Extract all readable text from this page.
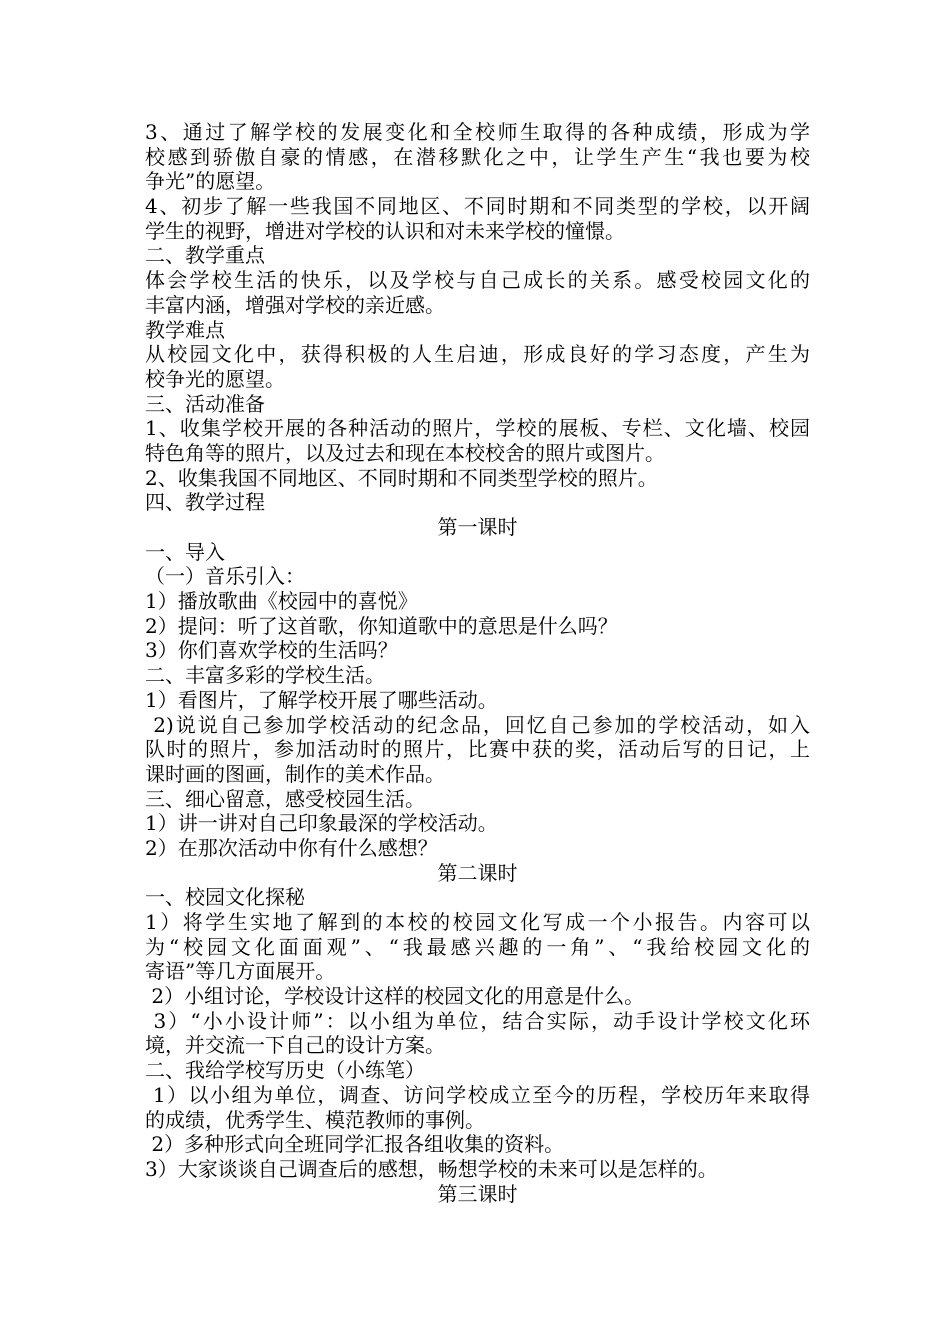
3、通过了解学校的发展变化和全校师生取得的各种成绩，形成为学
校感到骄傲自豪的情感，在潜移默化之中，让学生产生“我也要为校
争光”的愿望。
4、初步了解一些我国不同地区、不同时期和不同类型的学校，以开阔
学生的视野，增进对学校的认识和对未来学校的憧憬。
二、教学重点
体会学校生活的快乐，以及学校与自己成长的关系。感受校园文化的
丰富内涵，增强对学校的亲近感。
教学难点
从校园文化中，获得积极的人生启迪，形成良好的学习态度，产生为
校争光的愿望。
三、活动准备
1、收集学校开展的各种活动的照片，学校的展板、专栏、文化墙、校园
特色角等的照片，以及过去和现在本校校舍的照片或图片。
2、收集我国不同地区、不同时期和不同类型学校的照片。
四、教学过程
第一课时
一、导入
（一）音乐引入：
1）播放歌曲《校园中的喜悦》
2）提问：听了这首歌，你知道歌中的意思是什么吗？
3）你们喜欢学校的生活吗？
二、丰富多彩的学校生活。
1）看图片，了解学校开展了哪些活动。
2)说说自己参加学校活动的纪念品，回忆自己参加的学校活动，如入
队时的照片，参加活动时的照片，比赛中获的奖，活动后写的日记，上
课时画的图画，制作的美术作品。
三、细心留意，感受校园生活。
1）讲一讲对自己印象最深的学校活动。
2）在那次活动中你有什么感想？
第二课时
一、校园文化探秘
1）将学生实地了解到的本校的校园文化写成一个小报告。内容可以
为“校园文化面面观”、“我最感兴趣的一角”、“我给校园文化的
寄语”等几方面展开。
2）小组讨论，学校设计这样的校园文化的用意是什么。
3）“小小设计师”：以小组为单位，结合实际，动手设计学校文化环
境，并交流一下自己的设计方案。
二、我给学校写历史（小练笔）
1）以小组为单位，调查、访问学校成立至今的历程，学校历年来取得
的成绩，优秀学生、模范教师的事例。
2）多种形式向全班同学汇报各组收集的资料。
3）大家谈谈自己调查后的感想，畅想学校的未来可以是怎样的。
第三课时
